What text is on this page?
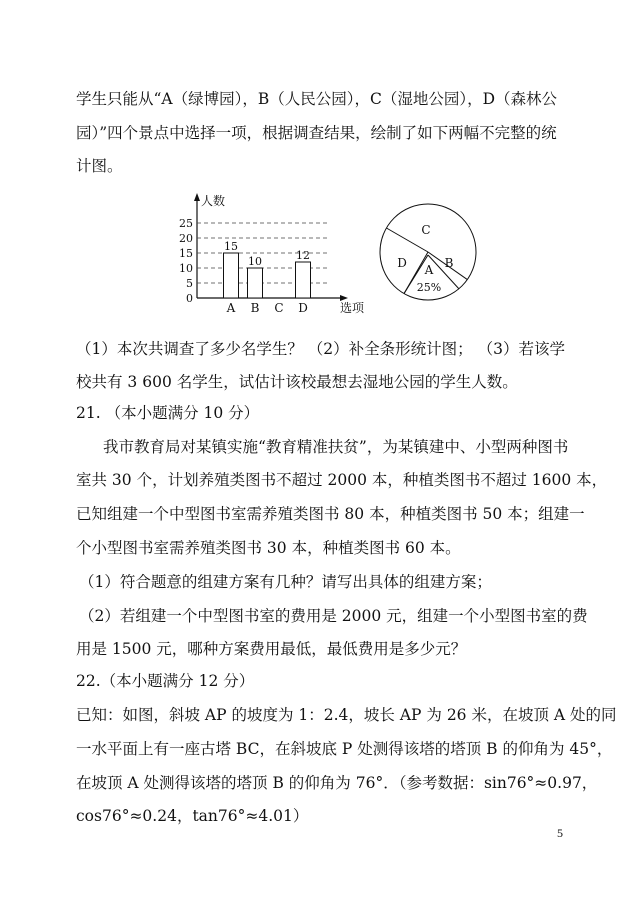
学生只能从“A（绿博园），B（人民公园），C（湿地公园），D（森林公
园）”四个景点中选择一项，根据调查结果，绘制了如下两幅不完整的统
计图。
人数
选项
0
5
10
15
20
25
15
10	12
A B C D
C
B
A
D
25%
（1）本次共调查了多少名学生？ （2）补全条形统计图； （3）若该学
校共有 3 600 名学生，试估计该校最想去湿地公园的学生人数。
21. （本小题满分 10 分）
我市教育局对某镇实施“教育精准扶贫”，为某镇建中、小型两种图书
室共 30 个，计划养殖类图书不超过 2000 本，种植类图书不超过 1600 本，
已知组建一个中型图书室需养殖类图书 80 本，种植类图书 50 本；组建一
个小型图书室需养殖类图书 30 本，种植类图书 60 本。
（1）符合题意的组建方案有几种？请写出具体的组建方案；
（2）若组建一个中型图书室的费用是 2000 元，组建一个小型图书室的费
用是 1500 元，哪种方案费用最低，最低费用是多少元？
22.（本小题满分 12 分）
已知：如图，斜坡 AP 的坡度为 1：2.4，坡长 AP 为 26 米，在坡顶 A 处的同
一水平面上有一座古塔 BC，在斜坡底 P 处测得该塔的塔顶 B 的仰角为 45°，
在坡顶 A 处测得该塔的塔顶 B 的仰角为 76°．（参考数据：sin76°≈0.97，
cos76°≈0.24，tan76°≈4.01）
5
